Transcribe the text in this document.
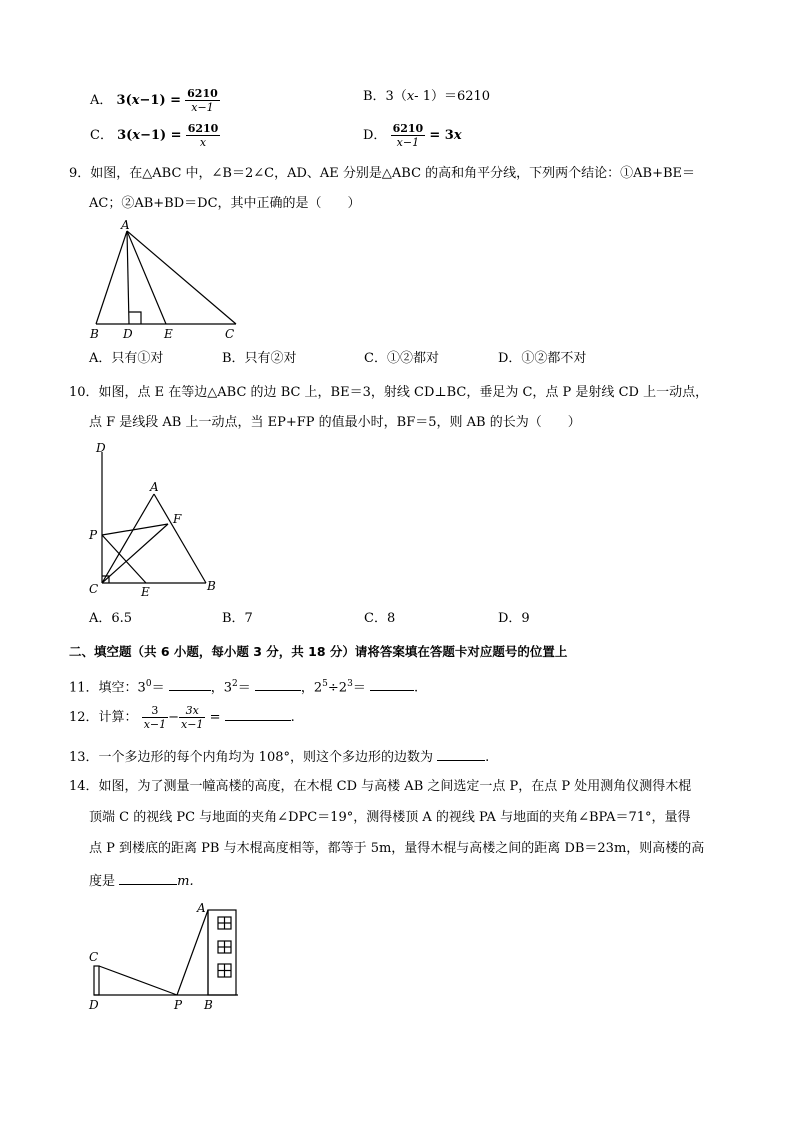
A． $3(x-1) = \frac{6210}{x-1}$	B．3（x- 1）＝6210
C． $3(x-1) = \frac{6210}{x}$	D． $\frac{6210}{x-1} = 3x$
9．如图，在△ABC 中，∠B＝2∠C，AD、AE 分别是△ABC 的高和角平分线，下列两个结论：①AB+BE＝
AC；②AB+BD＝DC，其中正确的是（　　）
A
B D	E	C
A．只有①对	B．只有②对	C．①②都对	D．①②都不对
10．如图，点 E 在等边△ABC 的边 BC 上，BE＝3，射线 CD⊥BC，垂足为 C，点 P 是射线 CD 上一动点，
点 F 是线段 AB 上一动点，当 EP+FP 的值最小时，BF＝5，则 AB 的长为（　　）
D
A
F
P
C	E	B
A．6.5	B．7	C．8	D．9
二、填空题（共 6 小题，每小题 3 分，共 18 分）请将答案填在答题卡对应题号的位置上
11．填空：$3^0=$	，$3^2=$	，$2^5\div 2^3=$	.
12．计算： $\frac{3}{x-1} - \frac{3x}{x-1}$ =	.
13．一个多边形的每个内角均为 108°，则这个多边形的边数为	.
14．如图，为了测量一幢高楼的高度，在木棍 CD 与高楼 AB 之间选定一点 P，在点 P 处用测角仪测得木棍
顶端 C 的视线 PC 与地面的夹角∠DPC＝19°，测得楼顶 A 的视线 PA 与地面的夹角∠BPA＝71°，量得
点 P 到楼底的距离 PB 与木棍高度相等，都等于 5m，量得木棍与高楼之间的距离 DB＝23m，则高楼的高
度是	m.
A
C
D	P B
